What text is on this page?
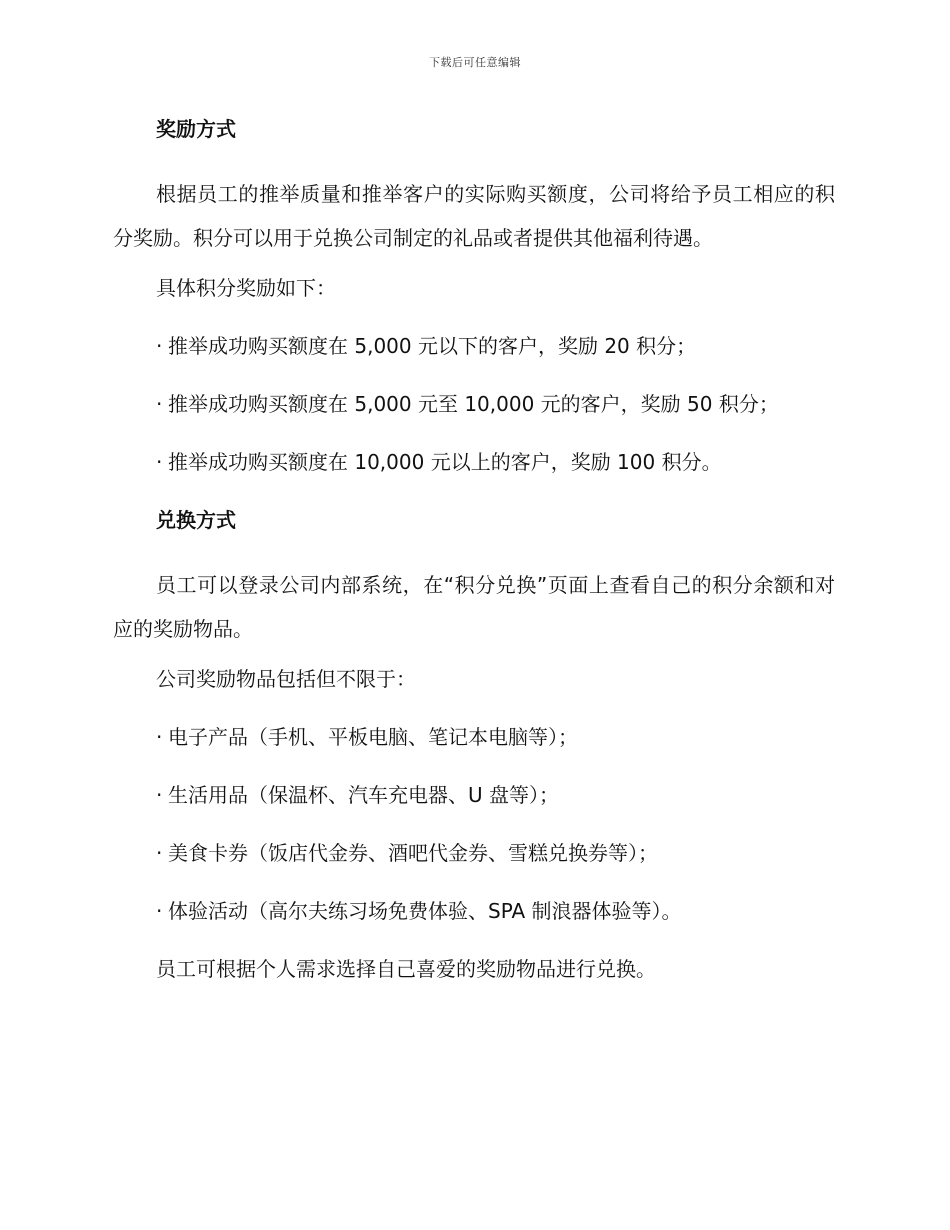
下载后可任意编辑
奖励方式
根据员工的推举质量和推举客户的实际购买额度，公司将给予员工相应的积分奖励。积分可以用于兑换公司制定的礼品或者提供其他福利待遇。
具体积分奖励如下：
· 推举成功购买额度在 5,000 元以下的客户，奖励 20 积分；
· 推举成功购买额度在 5,000 元至 10,000 元的客户，奖励 50 积分；
· 推举成功购买额度在 10,000 元以上的客户，奖励 100 积分。
兑换方式
员工可以登录公司内部系统，在“积分兑换”页面上查看自己的积分余额和对应的奖励物品。
公司奖励物品包括但不限于：
· 电子产品（手机、平板电脑、笔记本电脑等）；
· 生活用品（保温杯、汽车充电器、U 盘等）；
· 美食卡券（饭店代金券、酒吧代金券、雪糕兑换券等）；
· 体验活动（高尔夫练习场免费体验、SPA 制浪器体验等）。
员工可根据个人需求选择自己喜爱的奖励物品进行兑换。
